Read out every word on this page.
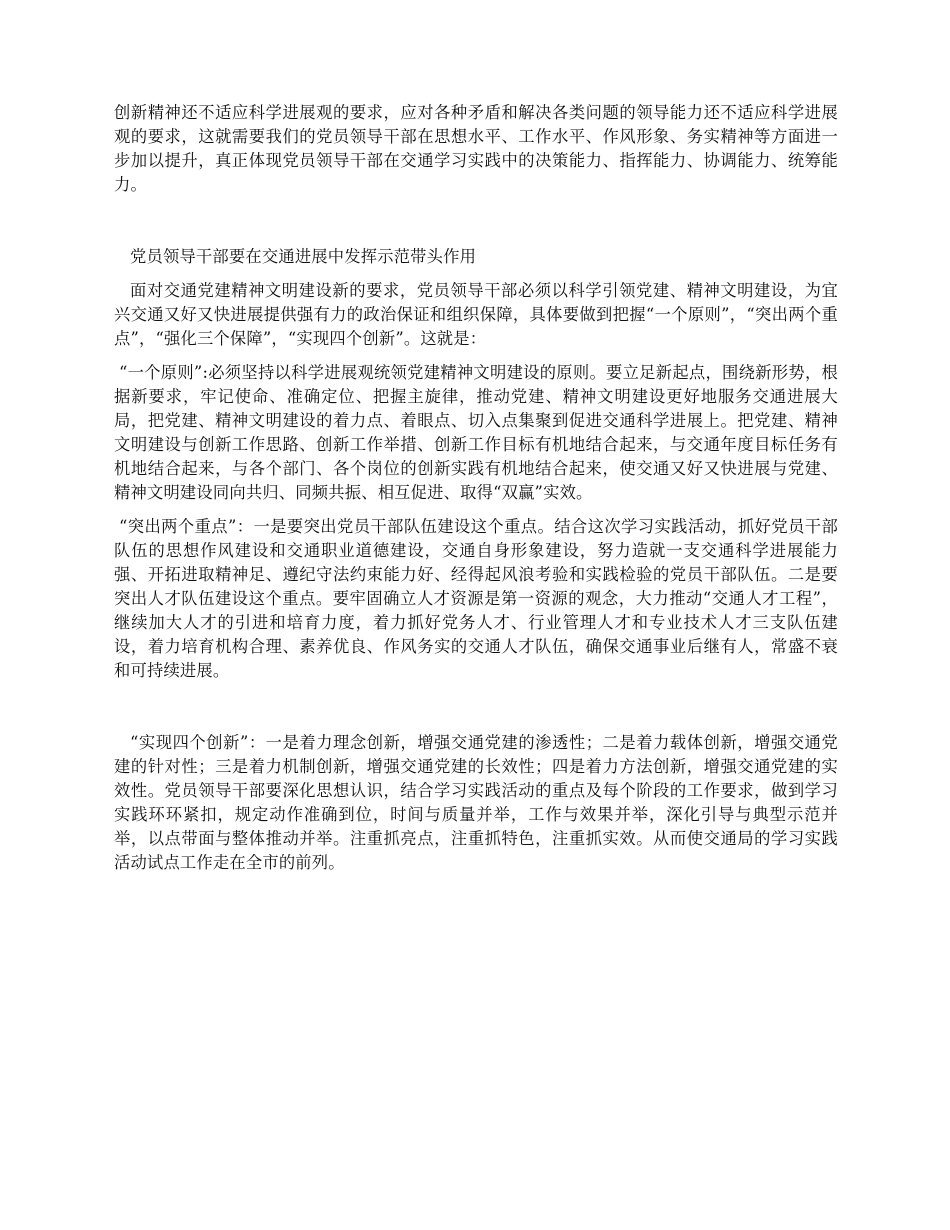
创新精神还不适应科学进展观的要求，应对各种矛盾和解决各类问题的领导能力还不适应科学进展观的要求，这就需要我们的党员领导干部在思想水平、工作水平、作风形象、务实精神等方面进一步加以提升，真正体现党员领导干部在交通学习实践中的决策能力、指挥能力、协调能力、统筹能力。

党员领导干部要在交通进展中发挥示范带头作用

面对交通党建精神文明建设新的要求，党员领导干部必须以科学引领党建、精神文明建设，为宜兴交通又好又快进展提供强有力的政治保证和组织保障，具体要做到把握“一个原则”，“突出两个重点”，“强化三个保障”，“实现四个创新”。这就是：

“一个原则”:必须坚持以科学进展观统领党建精神文明建设的原则。要立足新起点，围绕新形势，根据新要求，牢记使命、准确定位、把握主旋律，推动党建、精神文明建设更好地服务交通进展大局，把党建、精神文明建设的着力点、着眼点、切入点集聚到促进交通科学进展上。把党建、精神文明建设与创新工作思路、创新工作举措、创新工作目标有机地结合起来，与交通年度目标任务有机地结合起来，与各个部门、各个岗位的创新实践有机地结合起来，使交通又好又快进展与党建、精神文明建设同向共归、同频共振、相互促进、取得“双赢”实效。

“突出两个重点”：一是要突出党员干部队伍建设这个重点。结合这次学习实践活动，抓好党员干部队伍的思想作风建设和交通职业道德建设，交通自身形象建设，努力造就一支交通科学进展能力强、开拓进取精神足、遵纪守法约束能力好、经得起风浪考验和实践检验的党员干部队伍。二是要突出人才队伍建设这个重点。要牢固确立人才资源是第一资源的观念，大力推动“交通人才工程”，继续加大人才的引进和培育力度，着力抓好党务人才、行业管理人才和专业技术人才三支队伍建设，着力培育机构合理、素养优良、作风务实的交通人才队伍，确保交通事业后继有人，常盛不衰和可持续进展。

“实现四个创新”：一是着力理念创新，增强交通党建的渗透性；二是着力载体创新，增强交通党建的针对性；三是着力机制创新，增强交通党建的长效性；四是着力方法创新，增强交通党建的实效性。党员领导干部要深化思想认识，结合学习实践活动的重点及每个阶段的工作要求，做到学习实践环环紧扣，规定动作准确到位，时间与质量并举，工作与效果并举，深化引导与典型示范并举，以点带面与整体推动并举。注重抓亮点，注重抓特色，注重抓实效。从而使交通局的学习实践活动试点工作走在全市的前列。
